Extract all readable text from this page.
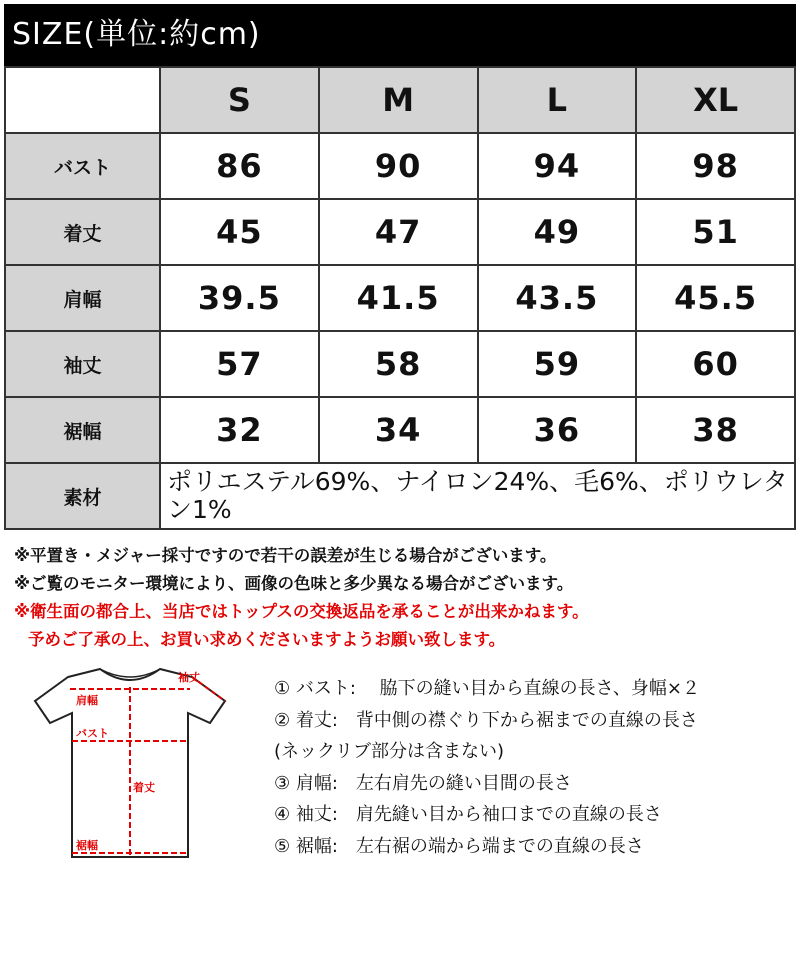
SIZE(単位:約cm)
	S	M	L	XL
バスト	86	90	94	98
着丈	45	47	49	51
肩幅	39.5	41.5	43.5	45.5
袖丈	57	58	59	60
裾幅	32	34	36	38
素材	ポリエステル69%、ナイロン24%、毛6%、ポリウレタン1%			
※平置き・メジャー採寸ですので若干の誤差が生じる場合がございます。
※ご覧のモニター環境により、画像の色味と多少異なる場合がございます。
※衛生面の都合上、当店ではトップスの交換返品を承ることが出来かねます。
予めご了承の上、お買い求めくださいますようお願い致します。
袖丈
肩幅
バスト
着丈
裾幅
① バスト:　 脇下の縫い目から直線の長さ、身幅×２
② 着丈:　背中側の襟ぐり下から裾までの直線の長さ
(ネックリブ部分は含まない)
③ 肩幅:　左右肩先の縫い目間の長さ
④ 袖丈:　肩先縫い目から袖口までの直線の長さ
⑤ 裾幅:　左右裾の端から端までの直線の長さ
